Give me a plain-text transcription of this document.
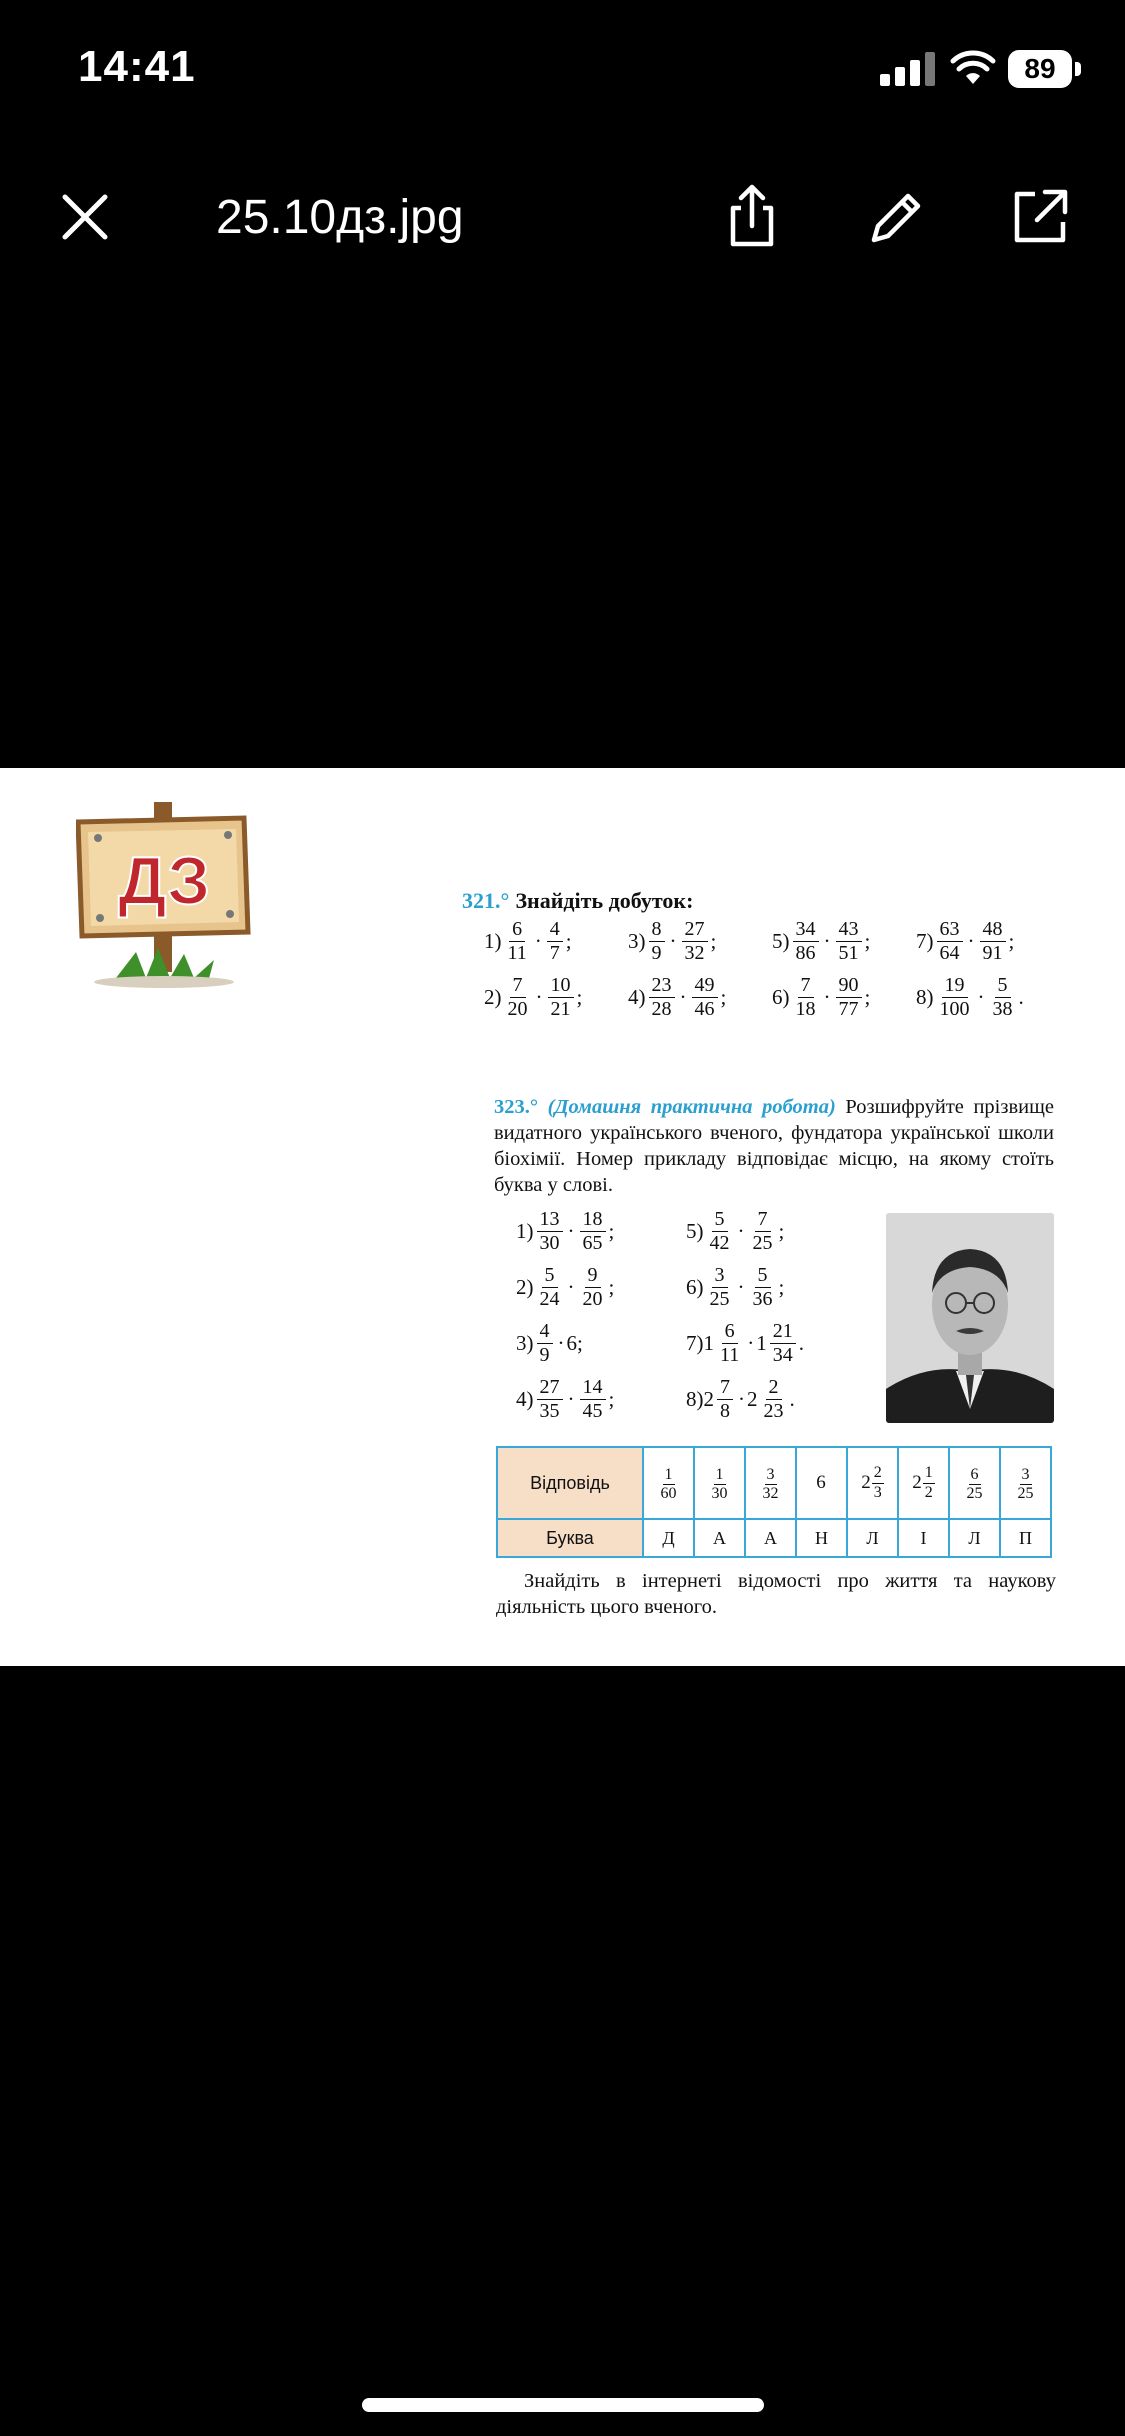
14:41	89
25.10дз.jpg
ДЗ	321.° Знайдіть добуток:
323.° (Домашня практична робота) Розшифруйте прізвище видатного українського вченого, фундатора української школи біохімії. Номер прикладу відповідає місцю, на якому стоїть буква у слові.
Відповідь	$\frac{1}{60}$	$\frac{1}{30}$	$\frac{3}{32}$	6	$2 \frac{2}{3}$	$2 \frac{1}{2}$	$\frac{6}{25}$	$\frac{3}{25}$

Буква	Д	А	А	Н	Л	І	Л	П
Знайдіть в інтернеті відомості про життя та наукову діяльність цього вченого.
$1) \frac{6}{11} \cdot \frac{4}{7}$ ;	$3) \frac{8}{9} \cdot \frac{27}{32}$ ;	$5) \frac{34}{86} \cdot \frac{43}{51}$ ; $7) \frac{63}{64} \cdot \frac{48}{91}$ ;
$2) \frac{7}{20} \cdot \frac{10}{21}$ ; $4) \frac{23}{28} \cdot \frac{49}{46}$ ; $6) \frac{7}{18} \cdot \frac{90}{77}$ ; $8) \frac{19}{100} \cdot \frac{5}{38}$ .
$1) \frac{13}{30} \cdot \frac{18}{65}$ ;
$2) \frac{5}{24} \cdot \frac{9}{20}$ ;
$3) \frac{4}{9} \cdot 6$;
$4) \frac{27}{35} \cdot \frac{14}{45}$ ;
$5) \frac{5}{42} \cdot \frac{7}{25}$ ;
$6) \frac{3}{25} \cdot \frac{5}{36}$ ;
7) $1 \frac{6}{11} \cdot 1 \frac{21}{34}$ .
8) $2 \frac{7}{8} \cdot 2 \frac{2}{23}$ .
